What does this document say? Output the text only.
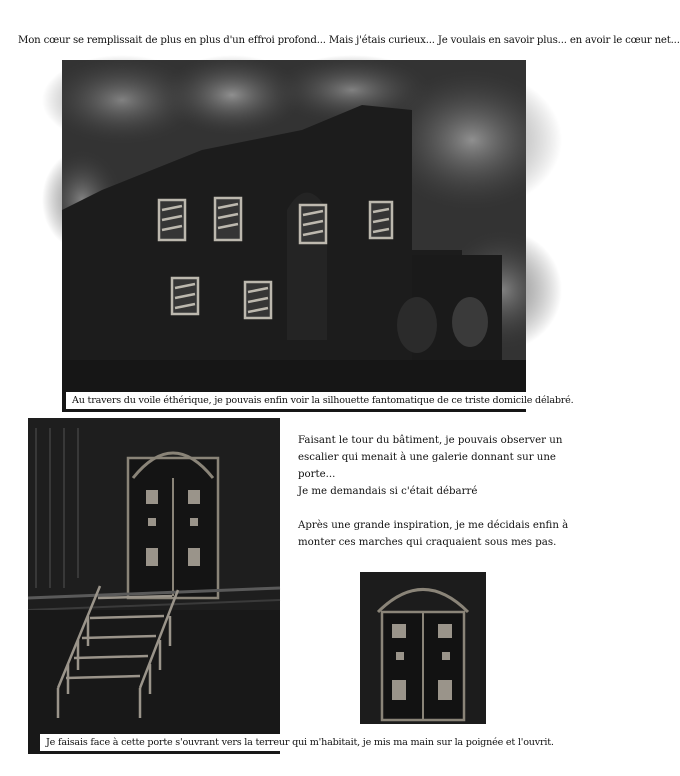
Mon cœur se remplissait de plus en plus d'un effroi profond... Mais j'étais curieux... Je voulais en savoir plus... en avoir le cœur net...
Au travers du voile éthérique, je pouvais enfin voir la silhouette fantomatique de ce triste domicile délabré.
Je faisais face à cette porte s'ouvrant vers la terreur qui m'habitait, je mis ma main sur la poignée et l'ouvrit.

Faisant le tour du bâtiment, je pouvais observer un

escalier qui menait à une galerie donnant sur une

porte...

Je me demandais si c'était débarré

Après une grande inspiration, je me décidais enfin à

monter ces marches qui craquaient sous mes pas.
